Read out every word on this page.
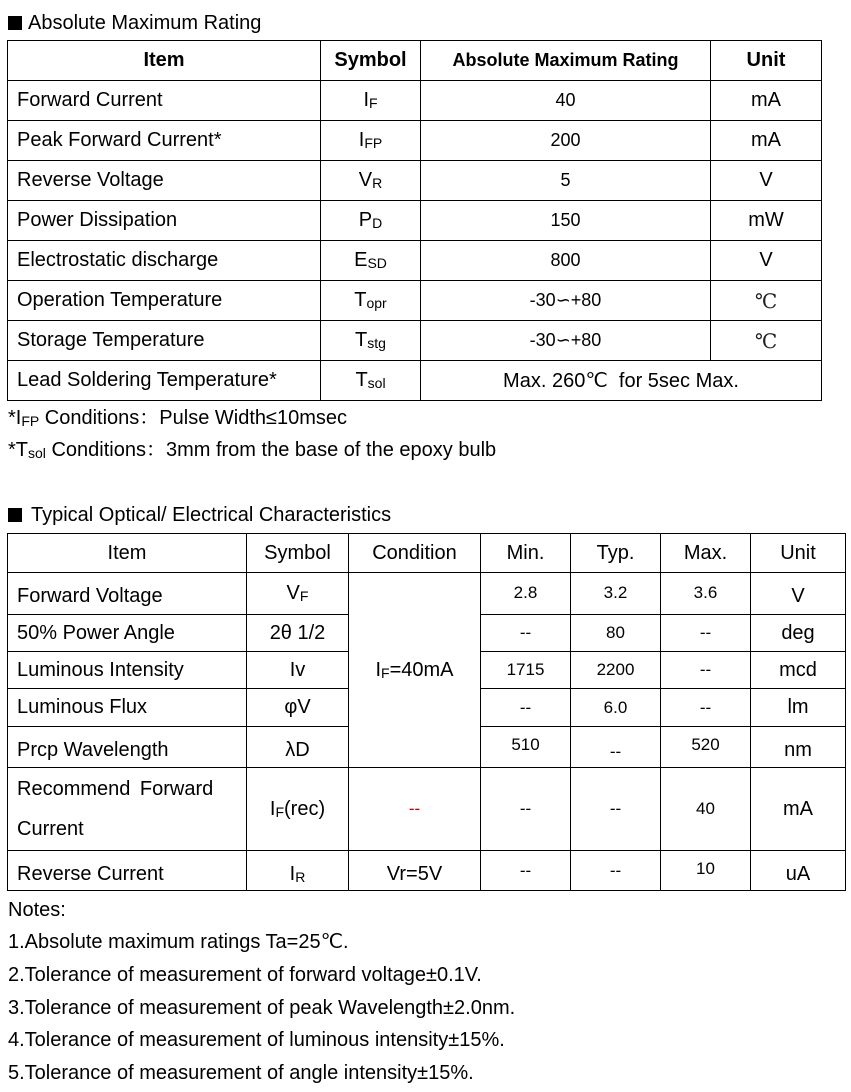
Absolute Maximum Rating
Item	Symbol	Absolute Maximum Rating	Unit
Forward Current	$I_F$	40	mA
Peak Forward Current*	$I_{FP}$	200	mA
Reverse Voltage	$V_R$	5	V
Power Dissipation	$P_D$	150	mW
Electrostatic discharge	$E_{SD}$	800	V
Operation Temperature	$T_{opr}$	-30∽+80	℃
Storage Temperature	$T_{stg}$	-30∽+80	℃
Lead Soldering Temperature*	$T_{sol}$	Max. 260℃  for 5sec Max.	
$*I_{FP}$ Conditions：Pulse Width≤10msec
$*T_{sol}$ Conditions：3mm from the base of the epoxy bulb
Typical Optical/ Electrical Characteristics
Item	Symbol	Condition	Min.	Typ.	Max.	Unit
Forward Voltage	$V_F$	$I_F=40mA$	2.8	3.2	3.6	V
50% Power Angle	2θ 1/2		--	80	--	deg
Luminous Intensity	Iv		1715	2200	--	mcd
Luminous Flux	φV		--	6.0	--	lm
Prcp Wavelength	λD		510	--	520	nm

Recommend Forward
Current	$I_F(rec)$	--	--	--	40	mA
Reverse Current	$I_R$	Vr=5V	--	--	10	uA
Notes:
1.Absolute maximum ratings Ta=25℃.
2.Tolerance of measurement of forward voltage±0.1V.
3.Tolerance of measurement of peak Wavelength±2.0nm.
4.Tolerance of measurement of luminous intensity±15%.
5.Tolerance of measurement of angle intensity±15%.
